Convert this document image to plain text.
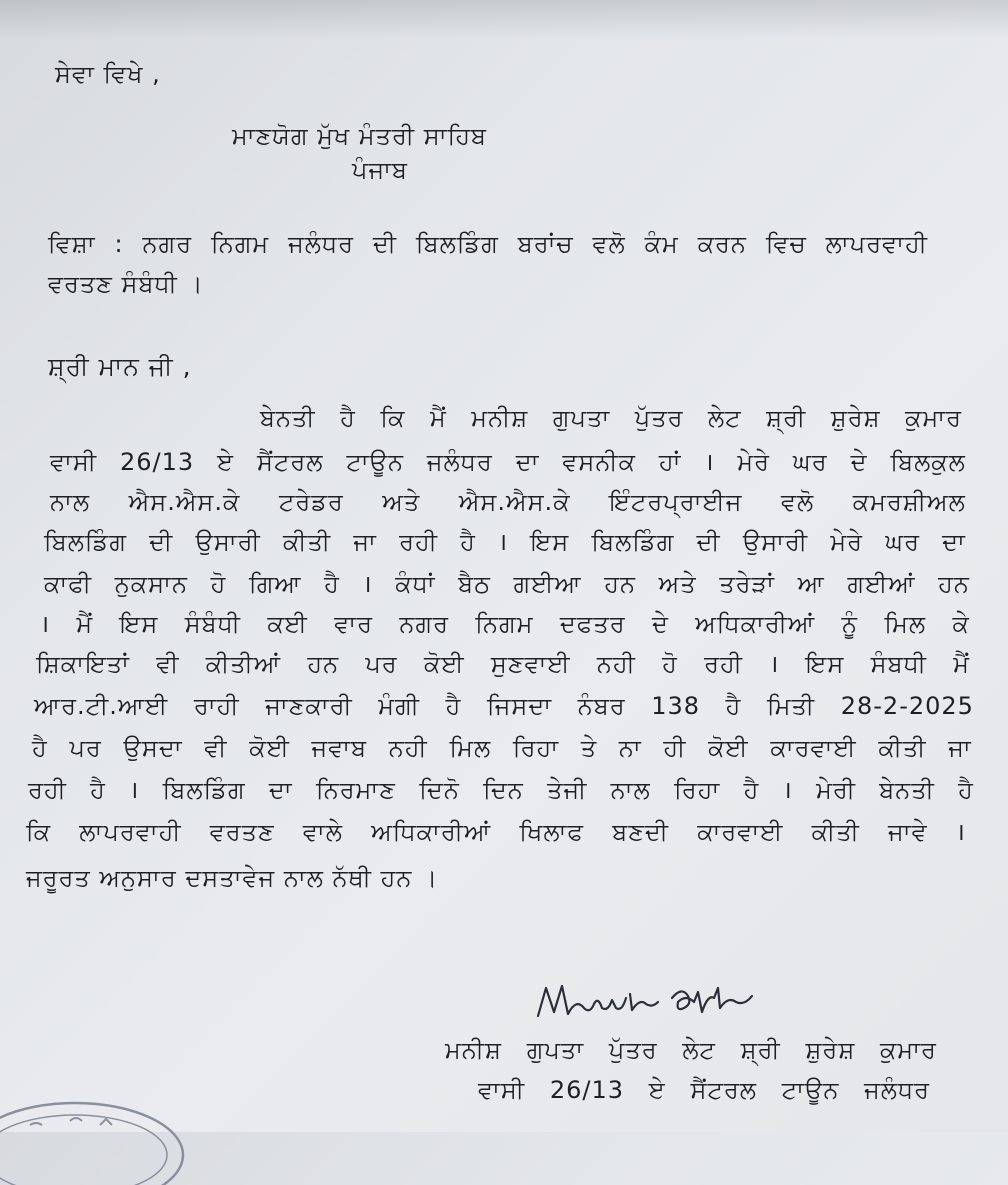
ਸੇਵਾ ਵਿਖੇ ,
ਮਾਣਯੋਗ ਮੁੱਖ ਮੰਤਰੀ ਸਾਹਿਬ
ਪੰਜਾਬ
ਵਿਸ਼ਾ : ਨਗਰ ਨਿਗਮ ਜਲੰਧਰ ਦੀ ਬਿਲਡਿੰਗ ਬਰਾਂਚ ਵਲੋ ਕੰਮ ਕਰਨ ਵਿਚ ਲਾਪਰਵਾਹੀ
ਵਰਤਣ ਸੰਬੰਧੀ ।
ਸ਼੍ਰੀ ਮਾਨ ਜੀ ,
ਬੇਨਤੀ ਹੈ ਕਿ ਮੈਂ ਮਨੀਸ਼ ਗੁਪਤਾ ਪੁੱਤਰ ਲੇਟ ਸ਼੍ਰੀ ਸ਼ੁਰੇਸ਼ ਕੁਮਾਰ
ਵਾਸੀ 26/13 ਏ ਸੈਂਟਰਲ ਟਾਊਨ ਜਲੰਧਰ ਦਾ ਵਸਨੀਕ ਹਾਂ । ਮੇਰੇ ਘਰ ਦੇ ਬਿਲਕੁਲ
ਨਾਲ ਐਸ.ਐਸ.ਕੇ ਟਰੇਡਰ ਅਤੇ ਐਸ.ਐਸ.ਕੇ ਇੰਟਰਪ੍ਰਾਈਜ ਵਲੋ ਕਮਰਸ਼ੀਅਲ
ਬਿਲਡਿੰਗ ਦੀ ਉਸਾਰੀ ਕੀਤੀ ਜਾ ਰਹੀ ਹੈ । ਇਸ ਬਿਲਡਿੰਗ ਦੀ ਉਸਾਰੀ ਮੇਰੇ ਘਰ ਦਾ
ਕਾਫੀ ਨੁਕਸਾਨ ਹੋ ਗਿਆ ਹੈ । ਕੰਧਾਂ ਬੈਠ ਗਈਆ ਹਨ ਅਤੇ ਤਰੇੜਾਂ ਆ ਗਈਆਂ ਹਨ
। ਮੈਂ ਇਸ ਸੰਬੰਧੀ ਕਈ ਵਾਰ ਨਗਰ ਨਿਗਮ ਦਫਤਰ ਦੇ ਅਧਿਕਾਰੀਆਂ ਨੂੰ ਮਿਲ ਕੇ
ਸ਼ਿਕਾਇਤਾਂ ਵੀ ਕੀਤੀਆਂ ਹਨ ਪਰ ਕੋਈ ਸੁਣਵਾਈ ਨਹੀ ਹੋ ਰਹੀ । ਇਸ ਸੰਬਧੀ ਮੈਂ
ਆਰ.ਟੀ.ਆਈ ਰਾਹੀ ਜਾਣਕਾਰੀ ਮੰਗੀ ਹੈ ਜਿਸਦਾ ਨੰਬਰ 138 ਹੈ ਮਿਤੀ 28-2-2025
ਹੈ ਪਰ ਉਸਦਾ ਵੀ ਕੋਈ ਜਵਾਬ ਨਹੀ ਮਿਲ ਰਿਹਾ ਤੇ ਨਾ ਹੀ ਕੋਈ ਕਾਰਵਾਈ ਕੀਤੀ ਜਾ
ਰਹੀ ਹੈ । ਬਿਲਡਿੰਗ ਦਾ ਨਿਰਮਾਣ ਦਿਨੋ ਦਿਨ ਤੇਜੀ ਨਾਲ ਰਿਹਾ ਹੈ । ਮੇਰੀ ਬੇਨਤੀ ਹੈ
ਕਿ ਲਾਪਰਵਾਹੀ ਵਰਤਣ ਵਾਲੇ ਅਧਿਕਾਰੀਆਂ ਖਿਲਾਫ ਬਣਦੀ ਕਾਰਵਾਈ ਕੀਤੀ ਜਾਵੇ ।
ਜਰੂਰਤ ਅਨੁਸਾਰ ਦਸਤਾਵੇਜ ਨਾਲ ਨੱਥੀ ਹਨ ।
ਮਨੀਸ਼ ਗੁਪਤਾ ਪੁੱਤਰ ਲੇਟ ਸ਼੍ਰੀ ਸ਼ੁਰੇਸ਼ ਕੁਮਾਰ
ਵਾਸੀ 26/13 ਏ ਸੈਂਟਰਲ ਟਾਊਨ ਜਲੰਧਰ
